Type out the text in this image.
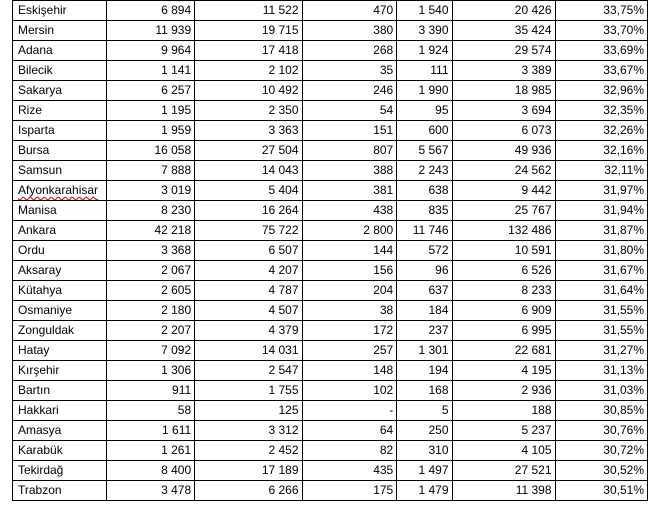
Eskişehir	6 894	11 522	470	1 540	20 426	33,75%
Mersin	11 939	19 715	380	3 390	35 424	33,70%
Adana	9 964	17 418	268	1 924	29 574	33,69%
Bilecik	1 141	2 102	35	111	3 389	33,67%
Sakarya	6 257	10 492	246	1 990	18 985	32,96%
Rize	1 195	2 350	54	95	3 694	32,35%
Isparta	1 959	3 363	151	600	6 073	32,26%
Bursa	16 058	27 504	807	5 567	49 936	32,16%
Samsun	7 888	14 043	388	2 243	24 562	32,11%
Afyonkarahisar	3 019	5 404	381	638	9 442	31,97%
Manisa	8 230	16 264	438	835	25 767	31,94%
Ankara	42 218	75 722	2 800	11 746	132 486	31,87%
Ordu	3 368	6 507	144	572	10 591	31,80%
Aksaray	2 067	4 207	156	96	6 526	31,67%
Kütahya	2 605	4 787	204	637	8 233	31,64%
Osmaniye	2 180	4 507	38	184	6 909	31,55%
Zonguldak	2 207	4 379	172	237	6 995	31,55%
Hatay	7 092	14 031	257	1 301	22 681	31,27%
Kırşehir	1 306	2 547	148	194	4 195	31,13%
Bartın	911	1 755	102	168	2 936	31,03%
Hakkari	58	125	-	5	188	30,85%
Amasya	1 611	3 312	64	250	5 237	30,76%
Karabük	1 261	2 452	82	310	4 105	30,72%
Tekirdağ	8 400	17 189	435	1 497	27 521	30,52%
Trabzon	3 478	6 266	175	1 479	11 398	30,51%
